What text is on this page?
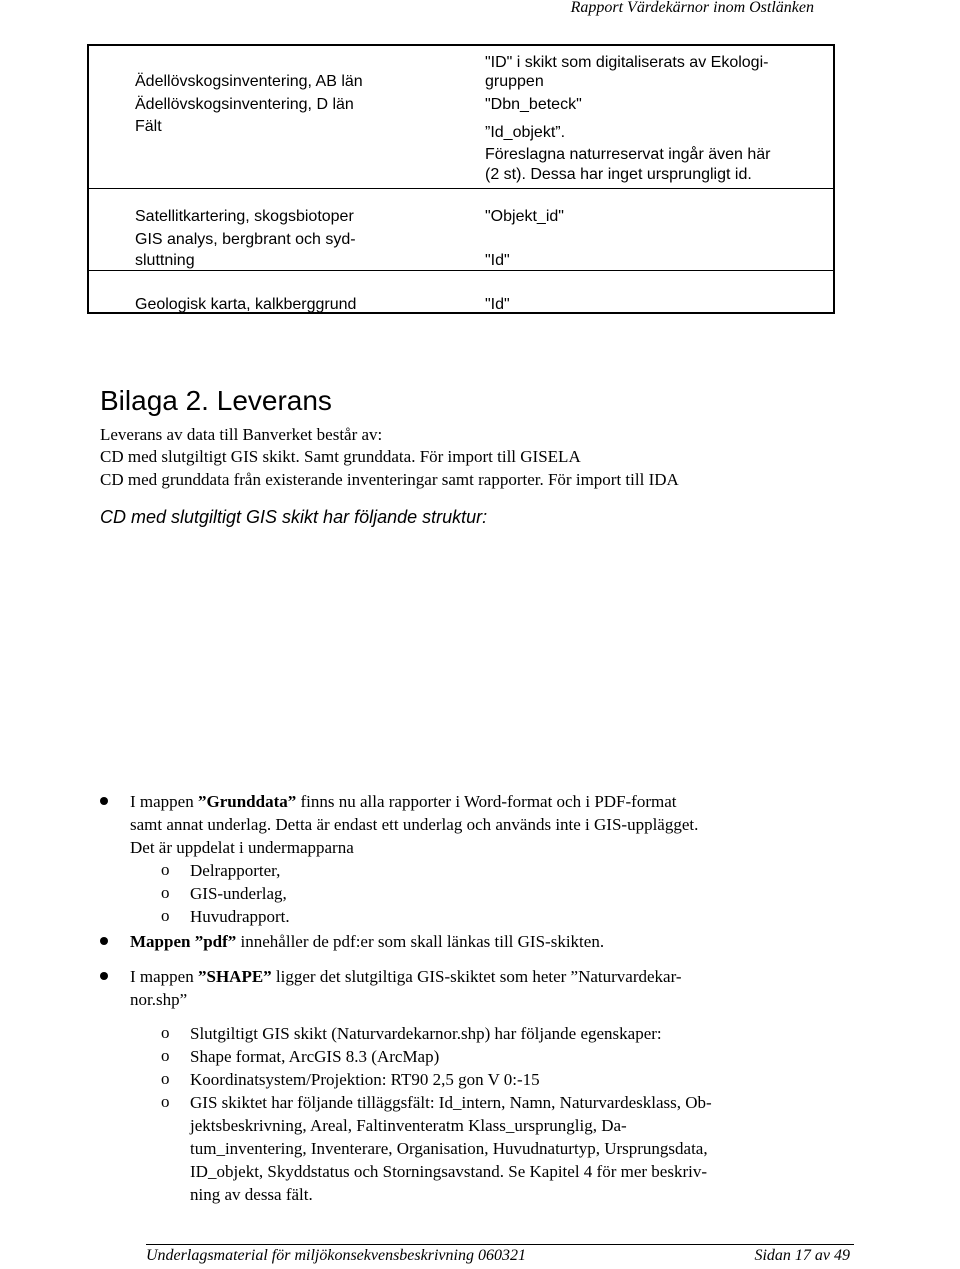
Rapport Värdekärnor inom Ostlänken
Ädellövskogsinventering, AB län
Ädellövskogsinventering, D län
Fält
Satellitkartering, skogsbiotoper
GIS analys, bergbrant och syd-
sluttning
Geologisk karta, kalkberggrund
"ID" i skikt som digitaliserats av Ekologi-
gruppen
"Dbn_beteck"
”Id_objekt”.
Föreslagna naturreservat ingår även här
(2 st). Dessa har inget ursprungligt id.
"Objekt_id"
"Id"
"Id"
Bilaga 2. Leverans
Leverans av data till Banverket består av:
CD med slutgiltigt GIS skikt. Samt grunddata. För import till GISELA
CD med grunddata från existerande inventeringar samt rapporter. För import till IDA
CD med slutgiltigt GIS skikt har följande struktur:
I mappen ”Grunddata” finns nu alla rapporter i Word-format och i PDF-format
samt annat underlag. Detta är endast ett underlag och används inte i GIS-upplägget.
Det är uppdelat i undermapparna
o Delrapporter,
o GIS-underlag,
o Huvudrapport.
Mappen ”pdf” innehåller de pdf:er som skall länkas till GIS-skikten.
I mappen ”SHAPE” ligger det slutgiltiga GIS-skiktet som heter ”Naturvardekar-
nor.shp”
o Slutgiltigt GIS skikt (Naturvardekarnor.shp) har följande egenskaper:
o Shape format, ArcGIS 8.3 (ArcMap)
o Koordinatsystem/Projektion: RT90 2,5 gon V 0:-15
o GIS skiktet har följande tilläggsfält: Id_intern, Namn, Naturvardesklass, Ob-
jektsbeskrivning, Areal, Faltinventeratm Klass_ursprunglig, Da-
tum_inventering, Inventerare, Organisation, Huvudnaturtyp, Ursprungsdata,
ID_objekt, Skyddstatus och Storningsavstand. Se Kapitel 4 för mer beskriv-
ning av dessa fält.
Underlagsmaterial för miljökonsekvensbeskrivning 060321	Sidan 17 av 49
